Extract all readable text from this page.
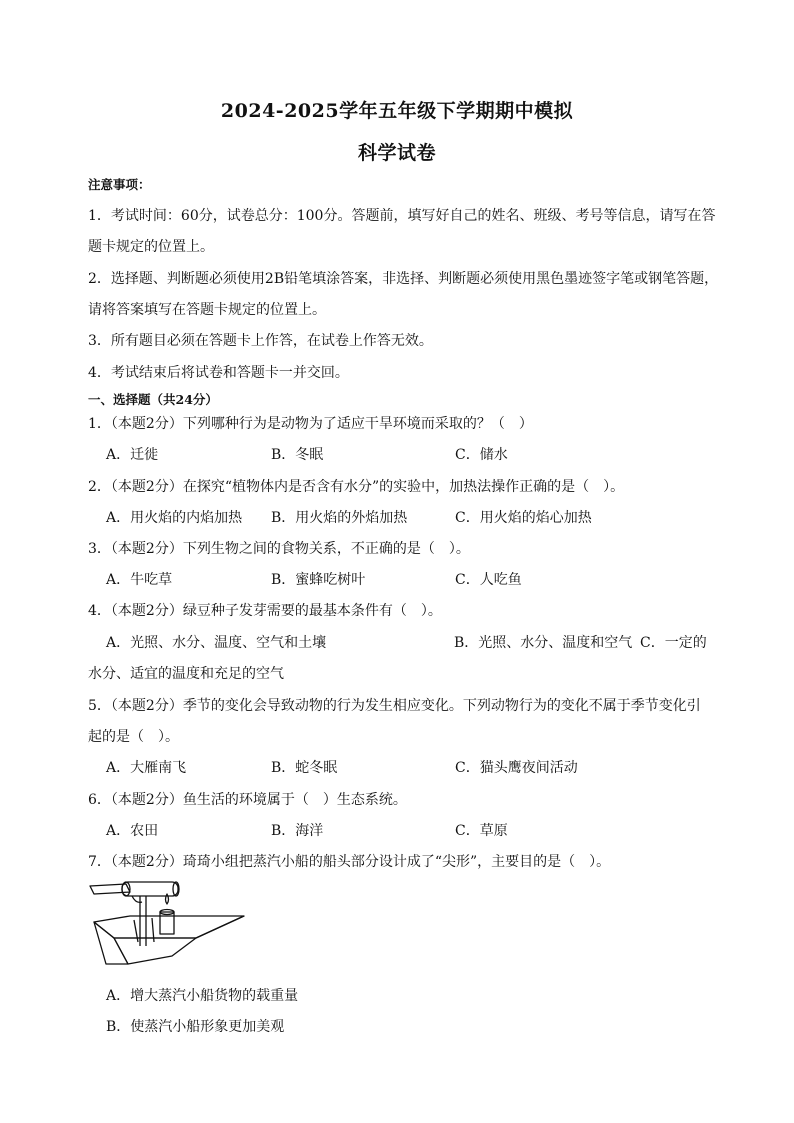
2024-2025学年五年级下学期期中模拟
科学试卷
注意事项：
1．考试时间：60分，试卷总分：100分。答题前，填写好自己的姓名、班级、考号等信息，请写在答
题卡规定的位置上。
2．选择题、判断题必须使用2B铅笔填涂答案，非选择、判断题必须使用黑色墨迹签字笔或钢笔答题，
请将答案填写在答题卡规定的位置上。
3．所有题目必须在答题卡上作答，在试卷上作答无效。
4．考试结束后将试卷和答题卡一并交回。
一、选择题（共24分）
1．（本题2分）下列哪种行为是动物为了适应干旱环境而采取的？（　）
A．迁徙	B．冬眠	C．储水
2．（本题2分）在探究“植物体内是否含有水分”的实验中，加热法操作正确的是（　）。
A．用火焰的内焰加热 B．用火焰的外焰加热	C．用火焰的焰心加热
3．（本题2分）下列生物之间的食物关系，不正确的是（　）。
A．牛吃草	B．蜜蜂吃树叶	C．人吃鱼
4．（本题2分）绿豆种子发芽需要的最基本条件有（　）。
A．光照、水分、温度、空气和土壤	B．光照、水分、温度和空气 C．一定的
水分、适宜的温度和充足的空气
5．（本题2分）季节的变化会导致动物的行为发生相应变化。下列动物行为的变化不属于季节变化引
起的是（　）。
A．大雁南飞	B．蛇冬眠	C．猫头鹰夜间活动
6．（本题2分）鱼生活的环境属于（　）生态系统。
A．农田	B．海洋	C．草原
7．（本题2分）琦琦小组把蒸汽小船的船头部分设计成了“尖形”，主要目的是（　）。
A．增大蒸汽小船货物的载重量
B．使蒸汽小船形象更加美观
